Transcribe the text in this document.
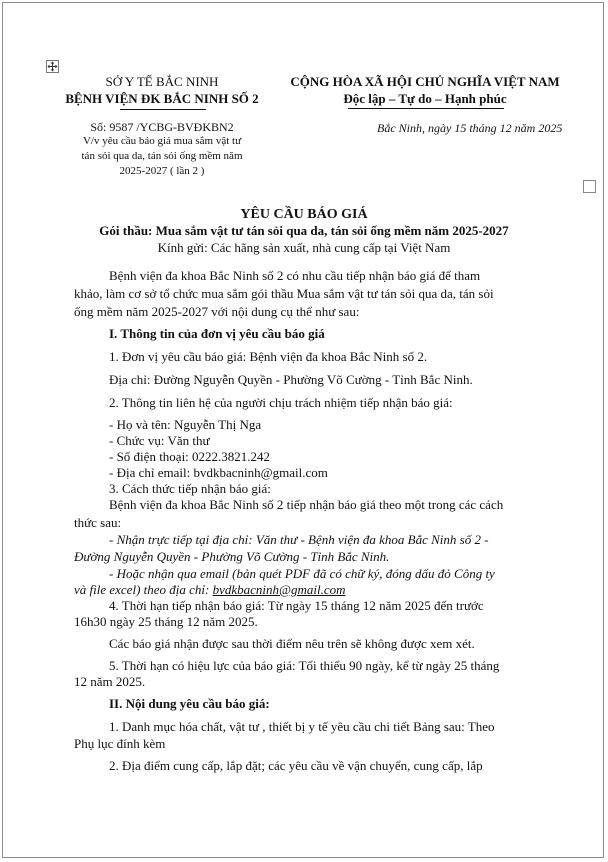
SỞ Y TẾ BẮC NINH
BỆNH VIỆN ĐK BẮC NINH SỐ 2
Số: 9587 /YCBG-BVĐKBN2
V/v yêu cầu báo giá mua sắm vật tư
tán sỏi qua da, tán sỏi ống mềm năm
2025-2027 ( lần 2 )
CỘNG HÒA XÃ HỘI CHỦ NGHĨA VIỆT NAM
Độc lập – Tự do – Hạnh phúc
Bắc Ninh, ngày 15 tháng 12 năm 2025
YÊU CẦU BÁO GIÁ
Gói thầu: Mua sắm vật tư tán sỏi qua da, tán sỏi ống mềm năm 2025-2027
Kính gửi: Các hãng sản xuất, nhà cung cấp tại Việt Nam
Bệnh viện đa khoa Bắc Ninh số 2 có nhu cầu tiếp nhận báo giá để tham
khảo, làm cơ sở tổ chức mua sắm gói thầu Mua sắm vật tư tán sỏi qua da, tán sỏi
ống mềm năm 2025-2027 với nội dung cụ thể như sau:
I. Thông tin của đơn vị yêu cầu báo giá
1. Đơn vị yêu cầu báo giá: Bệnh viện đa khoa Bắc Ninh số 2.
Địa chỉ: Đường Nguyễn Quyền - Phường Võ Cường - Tỉnh Bắc Ninh.
2. Thông tin liên hệ của người chịu trách nhiệm tiếp nhận báo giá:
- Họ và tên: Nguyễn Thị Nga
- Chức vụ: Văn thư
- Số điện thoại: 0222.3821.242
- Địa chỉ email: bvdkbacninh@gmail.com
3. Cách thức tiếp nhận báo giá:
Bệnh viện đa khoa Bắc Ninh số 2 tiếp nhận báo giá theo một trong các cách
thức sau:
- Nhận trực tiếp tại địa chỉ: Văn thư - Bệnh viện đa khoa Bắc Ninh số 2 -
Đường Nguyễn Quyền - Phường Võ Cường - Tỉnh Bắc Ninh.
- Hoặc nhận qua email (bản quét PDF đã có chữ ký, đóng dấu đỏ Công ty
và file excel) theo địa chỉ: bvdkbacninh@gmail.com
4. Thời hạn tiếp nhận báo giá: Từ ngày 15 tháng 12 năm 2025 đến trước
16h30 ngày 25 tháng 12 năm 2025.
Các báo giá nhận được sau thời điểm nêu trên sẽ không được xem xét.
5. Thời hạn có hiệu lực của báo giá: Tối thiểu 90 ngày, kể từ ngày 25 tháng
12 năm 2025.
II. Nội dung yêu cầu báo giá:
1. Danh mục hóa chất, vật tư , thiết bị y tế yêu cầu chi tiết Bảng sau: Theo
Phụ lục đính kèm
2. Địa điểm cung cấp, lắp đặt; các yêu cầu về vận chuyển, cung cấp, lắp
